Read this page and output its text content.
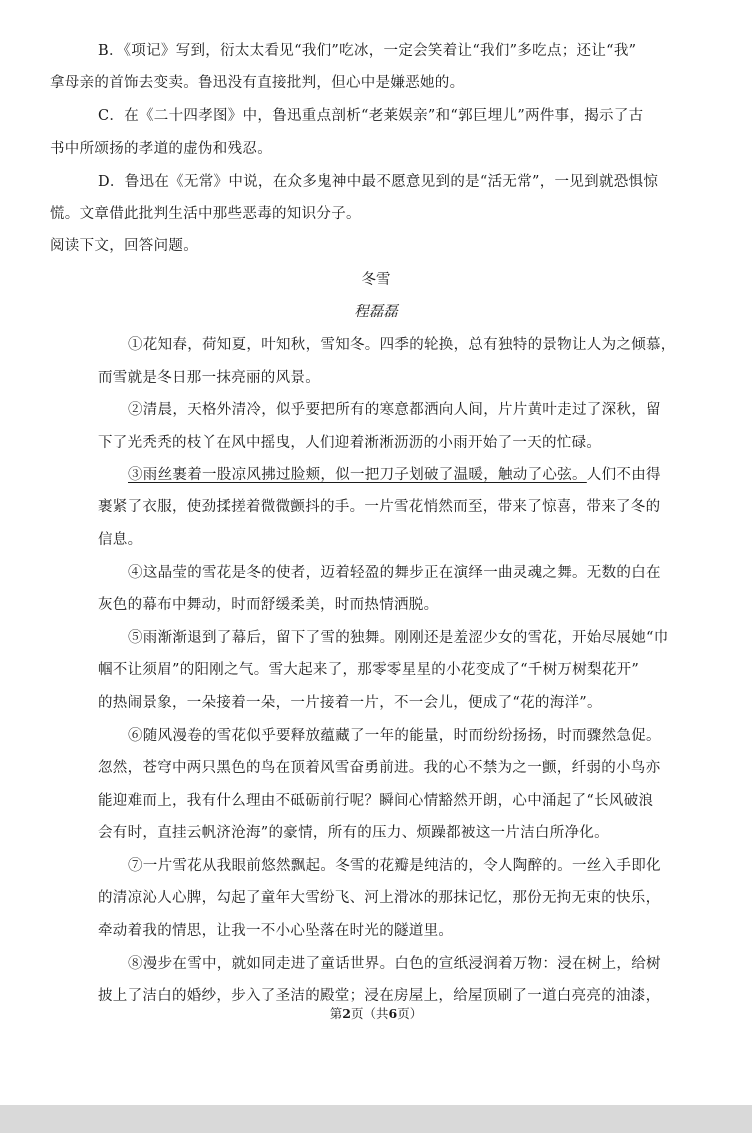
B．《项记》写到，衍太太看见“我们”吃冰，一定会笑着让“我们”多吃点；还让“我”
拿母亲的首饰去变卖。鲁迅没有直接批判，但心中是嫌恶她的。
C．在《二十四孝图》中，鲁迅重点剖析“老莱娱亲”和“郭巨埋儿”两件事，揭示了古
书中所颂扬的孝道的虚伪和残忍。
D．鲁迅在《无常》中说，在众多鬼神中最不愿意见到的是“活无常”，一见到就恐惧惊
慌。文章借此批判生活中那些恶毒的知识分子。
阅读下文，回答问题。
冬雪
程磊磊
①花知春，荷知夏，叶知秋，雪知冬。四季的轮换，总有独特的景物让人为之倾慕，
而雪就是冬日那一抹亮丽的风景。
②清晨，天格外清冷，似乎要把所有的寒意都洒向人间，片片黄叶走过了深秋，留
下了光秃秃的枝丫在风中摇曳，人们迎着淅淅沥沥的小雨开始了一天的忙碌。
③雨丝裹着一股凉风拂过脸颊，似一把刀子划破了温暖，触动了心弦。人们不由得
裹紧了衣服，使劲揉搓着微微颤抖的手。一片雪花悄然而至，带来了惊喜，带来了冬的
信息。
④这晶莹的雪花是冬的使者，迈着轻盈的舞步正在演绎一曲灵魂之舞。无数的白在
灰色的幕布中舞动，时而舒缓柔美，时而热情洒脱。
⑤雨渐渐退到了幕后，留下了雪的独舞。刚刚还是羞涩少女的雪花，开始尽展她“巾
帼不让须眉”的阳刚之气。雪大起来了，那零零星星的小花变成了“千树万树梨花开”
的热闹景象，一朵接着一朵，一片接着一片，不一会儿，便成了“花的海洋”。
⑥随风漫卷的雪花似乎要释放蕴藏了一年的能量，时而纷纷扬扬，时而骤然急促。
忽然，苍穹中两只黑色的鸟在顶着风雪奋勇前进。我的心不禁为之一颤，纤弱的小鸟亦
能迎难而上，我有什么理由不砥砺前行呢？瞬间心情豁然开朗，心中涌起了“长风破浪
会有时，直挂云帆济沧海”的豪情，所有的压力、烦躁都被这一片洁白所净化。
⑦一片雪花从我眼前悠然飘起。冬雪的花瓣是纯洁的，令人陶醉的。一丝入手即化
的清凉沁人心脾，勾起了童年大雪纷飞、河上滑冰的那抹记忆，那份无拘无束的快乐，
牵动着我的情思，让我一不小心坠落在时光的隧道里。
⑧漫步在雪中，就如同走进了童话世界。白色的宣纸浸润着万物：浸在树上，给树
披上了洁白的婚纱，步入了圣洁的殿堂；浸在房屋上，给屋顶刷了一道白亮亮的油漆，
第2页（共6页）
